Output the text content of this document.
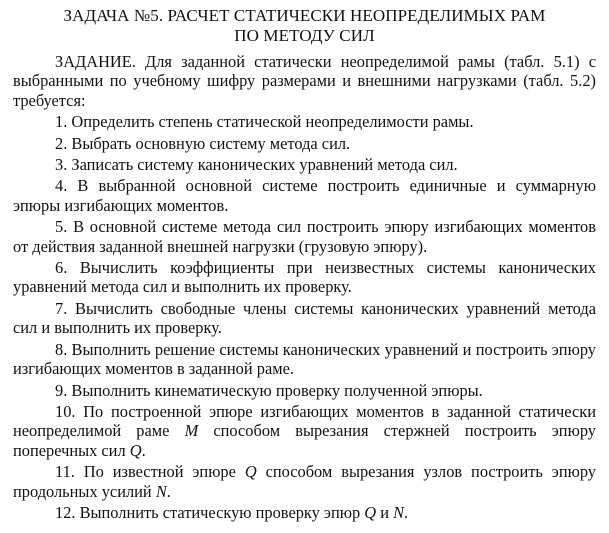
ЗАДАЧА №5. РАСЧЕТ СТАТИЧЕСКИ НЕОПРЕДЕЛИМЫХ РАМ
ПО МЕТОДУ СИЛ

ЗАДАНИЕ. Для заданной статически неопределимой рамы (табл. 5.1) с выбранными по учебному шифру размерами и внешними нагрузками (табл. 5.2) требуется:

1. Определить степень статической неопределимости рамы.

2. Выбрать основную систему метода сил.

3. Записать систему канонических уравнений метода сил.

4. В выбранной основной системе построить единичные и суммарную эпюры изгибающих моментов.

5. В основной системе метода сил построить эпюру изгибающих моментов от действия заданной внешней нагрузки (грузовую эпюру).

6. Вычислить коэффициенты при неизвестных системы канонических уравнений метода сил и выполнить их проверку.

7. Вычислить свободные члены системы канонических уравнений метода сил и выполнить их проверку.

8. Выполнить решение системы канонических уравнений и построить эпюру изгибающих моментов в заданной раме.

9. Выполнить кинематическую проверку полученной эпюры.

10. По построенной эпюре изгибающих моментов в заданной статически неопределимой раме M способом вырезания стержней построить эпюру поперечных сил Q.

11. По известной эпюре Q способом вырезания узлов построить эпюру продольных усилий N.

12. Выполнить статическую проверку эпюр Q и N.
